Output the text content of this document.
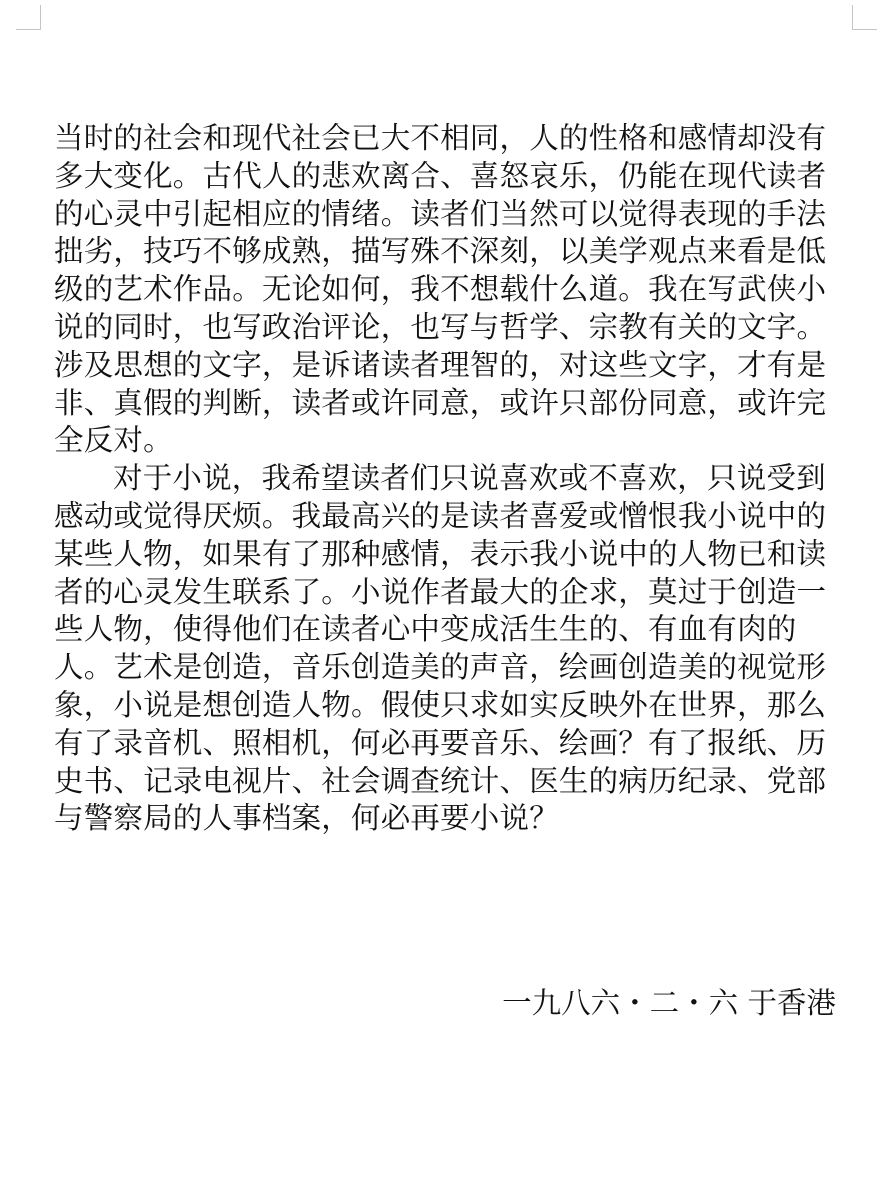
当时的社会和现代社会已大不相同，人的性格和感情却没有
多大变化。古代人的悲欢离合、喜怒哀乐，仍能在现代读者
的心灵中引起相应的情绪。读者们当然可以觉得表现的手法
拙劣，技巧不够成熟，描写殊不深刻，以美学观点来看是低
级的艺术作品。无论如何，我不想载什么道。我在写武侠小
说的同时，也写政治评论，也写与哲学、宗教有关的文字。
涉及思想的文字，是诉诸读者理智的，对这些文字，才有是
非、真假的判断，读者或许同意，或许只部份同意，或许完
全反对。
对于小说，我希望读者们只说喜欢或不喜欢，只说受到
感动或觉得厌烦。我最高兴的是读者喜爱或憎恨我小说中的
某些人物，如果有了那种感情，表示我小说中的人物已和读
者的心灵发生联系了。小说作者最大的企求，莫过于创造一
些人物，使得他们在读者心中变成活生生的、有血有肉的
人。艺术是创造，音乐创造美的声音，绘画创造美的视觉形
象，小说是想创造人物。假使只求如实反映外在世界，那么
有了录音机、照相机，何必再要音乐、绘画？有了报纸、历
史书、记录电视片、社会调查统计、医生的病历纪录、党部
与警察局的人事档案，何必再要小说？
一九八六・二・六 于香港
